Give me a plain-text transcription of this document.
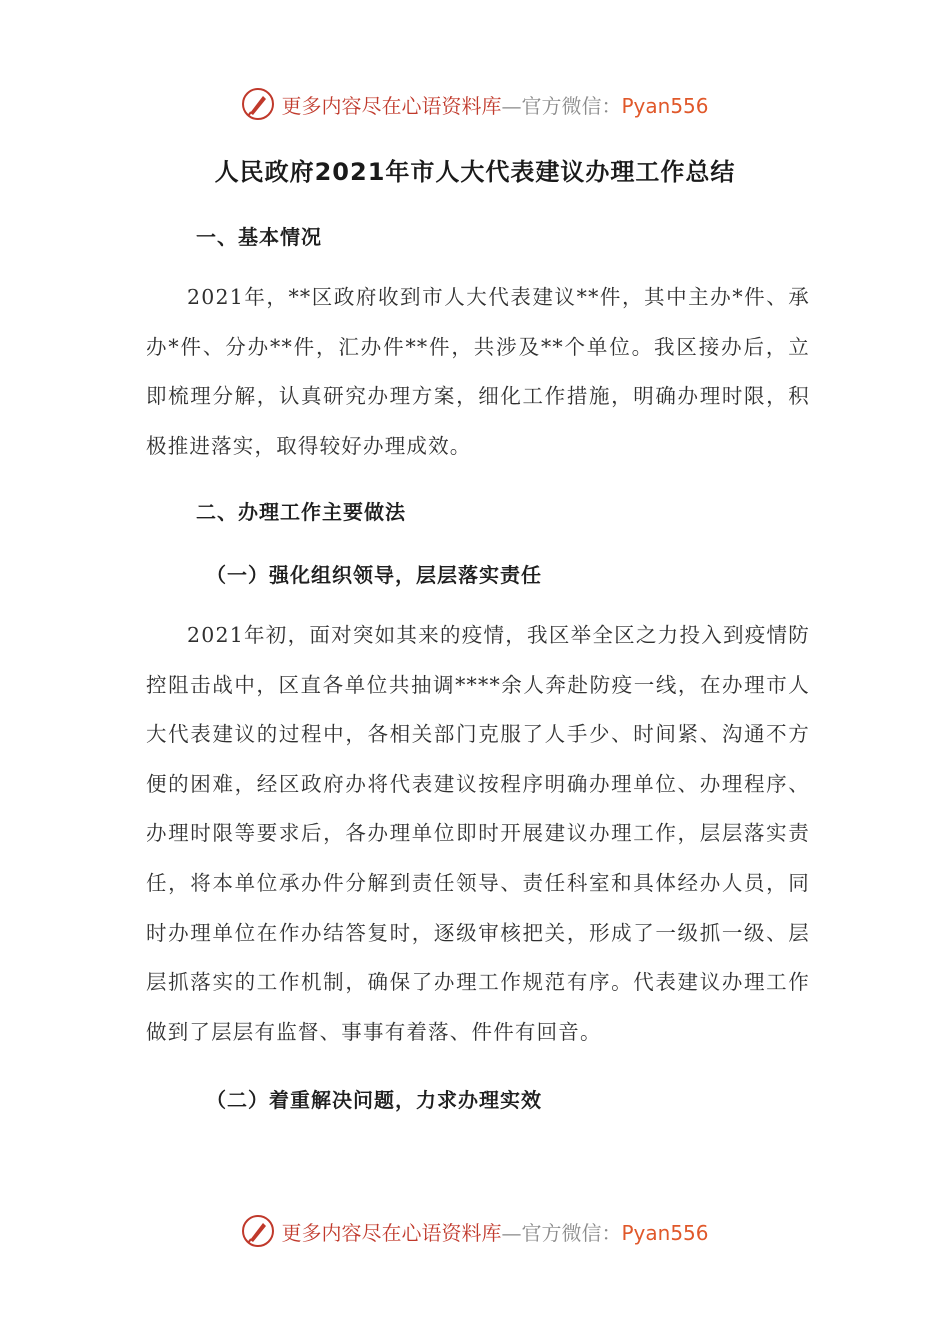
更多内容尽在心语资料库—官方微信：Pyan556
人民政府2021年市人大代表建议办理工作总结
一、基本情况

2021年，**区政府收到市人大代表建议**件，其中主办*件、承办*件、分办**件，汇办件**件，共涉及**个单位。我区接办后，立即梳理分解，认真研究办理方案，细化工作措施，明确办理时限，积极推进落实，取得较好办理成效。

二、办理工作主要做法
（一）强化组织领导，层层落实责任

2021年初，面对突如其来的疫情，我区举全区之力投入到疫情防控阻击战中，区直各单位共抽调****余人奔赴防疫一线，在办理市人大代表建议的过程中，各相关部门克服了人手少、时间紧、沟通不方便的困难，经区政府办将代表建议按程序明确办理单位、办理程序、办理时限等要求后，各办理单位即时开展建议办理工作，层层落实责任，将本单位承办件分解到责任领导、责任科室和具体经办人员，同时办理单位在作办结答复时，逐级审核把关，形成了一级抓一级、层层抓落实的工作机制，确保了办理工作规范有序。代表建议办理工作做到了层层有监督、事事有着落、件件有回音。

（二）着重解决问题，力求办理实效
更多内容尽在心语资料库—官方微信：Pyan556
